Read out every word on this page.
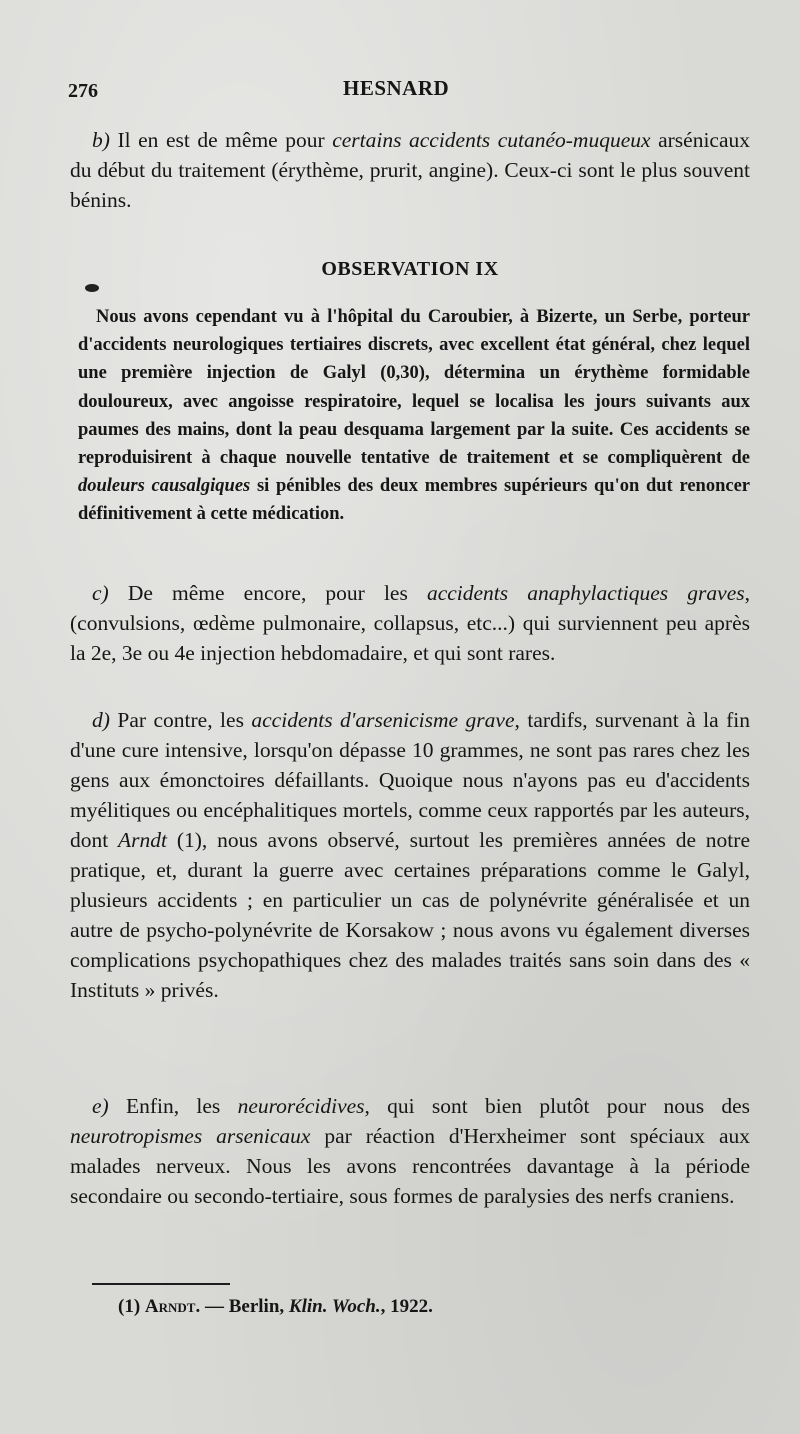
276	HESNARD

b) Il en est de même pour certains accidents cutanéo-muqueux arsénicaux du début du traitement (érythème, prurit, angine). Ceux-ci sont le plus souvent bénins.

OBSERVATION IX

Nous avons cependant vu à l'hôpital du Caroubier, à Bizerte, un Serbe, porteur d'accidents neurologiques tertiaires discrets, avec excellent état général, chez lequel une première injection de Galyl (0,30), détermina un érythème formidable douloureux, avec angoisse respiratoire, lequel se localisa les jours suivants aux paumes des mains, dont la peau desquama largement par la suite. Ces accidents se reproduisirent à chaque nouvelle tentative de traitement et se compliquèrent de douleurs causalgiques si pénibles des deux membres supérieurs qu'on dut renoncer définitivement à cette médication.

c) De même encore, pour les accidents anaphylactiques graves, (convulsions, œdème pulmonaire, collapsus, etc...) qui surviennent peu après la 2e, 3e ou 4e injection hebdomadaire, et qui sont rares.

d) Par contre, les accidents d'arsenicisme grave, tardifs, survenant à la fin d'une cure intensive, lorsqu'on dépasse 10 grammes, ne sont pas rares chez les gens aux émonctoires défaillants. Quoique nous n'ayons pas eu d'accidents myélitiques ou encéphalitiques mortels, comme ceux rapportés par les auteurs, dont Arndt (1), nous avons observé, surtout les premières années de notre pratique, et, durant la guerre avec certaines préparations comme le Galyl, plusieurs accidents ; en particulier un cas de polynévrite généralisée et un autre de psycho-polynévrite de Korsakow ; nous avons vu également diverses complications psychopathiques chez des malades traités sans soin dans des « Instituts » privés.

e) Enfin, les neurorécidives, qui sont bien plutôt pour nous des neurotropismes arsenicaux par réaction d'Herxheimer sont spéciaux aux malades nerveux. Nous les avons rencontrées davantage à la période secondaire ou secondo-tertiaire, sous formes de paralysies des nerfs craniens.

(1) Arndt. — Berlin, Klin. Woch., 1922.
